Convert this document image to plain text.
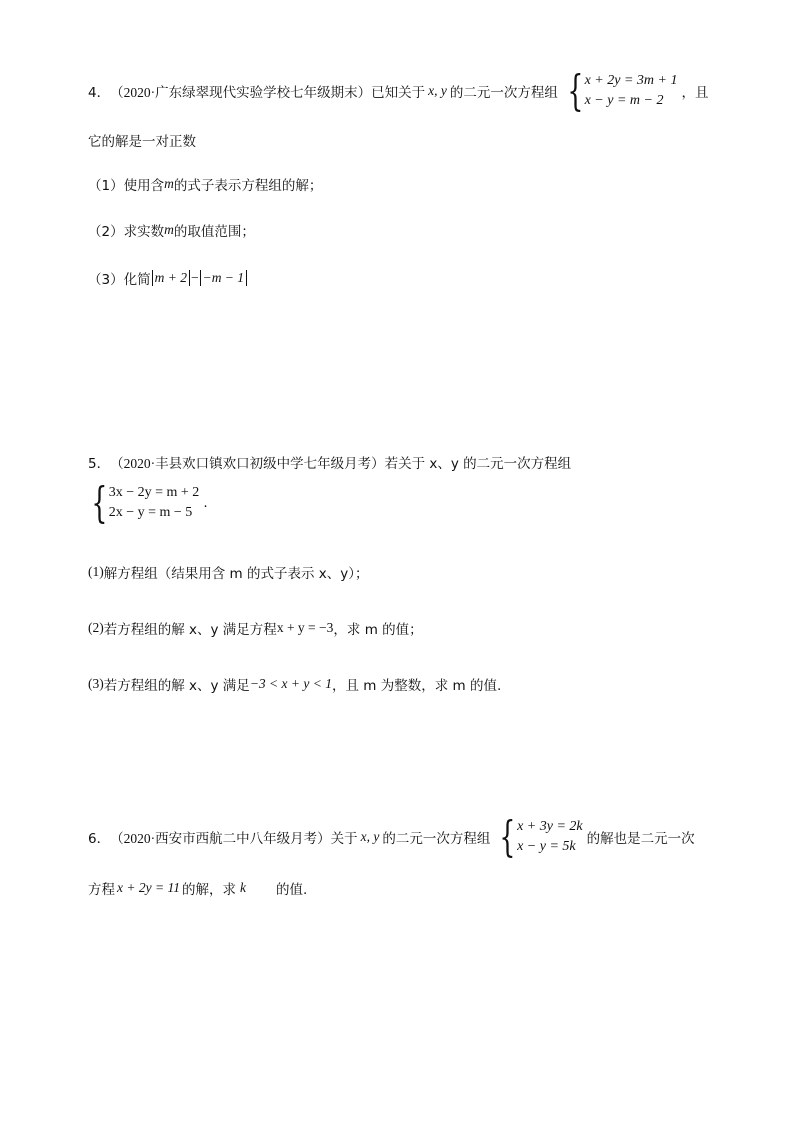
4． （2020·广东绿翠现代实验学校七年级期末） 已知关于 x, y 的二元一次方程组 { x + 2y = 3m + 1
x − y = m − 2	，且
它的解是一对正数
（1）使用含 m 的式子表示方程组的解；
（2）求实数 m 的取值范围；
（3）化简 m + 2 − −m − 1
5． （2020·丰县欢口镇欢口初级中学七年级月考） 若关于 x、y 的二元一次方程组
{ 3x − 2y = m + 2
2x − y = m − 5
.
(1) 解方程组（结果用含 m 的式子表示 x、y）；
(2) 若方程组的解 x、y 满足方程 x + y = −3 ，求 m 的值；
(3) 若方程组的解 x、y 满足 −3 < x + y < 1 ，且 m 为整数，求 m 的值.
6． （2020·西安市西航二中八年级月考） 关于 x, y 的二元一次方程组 { x + 3y = 2k
x − y = 5k 的解也是二元一次
方程 x + 2y = 11 的解，求 k 的值.
